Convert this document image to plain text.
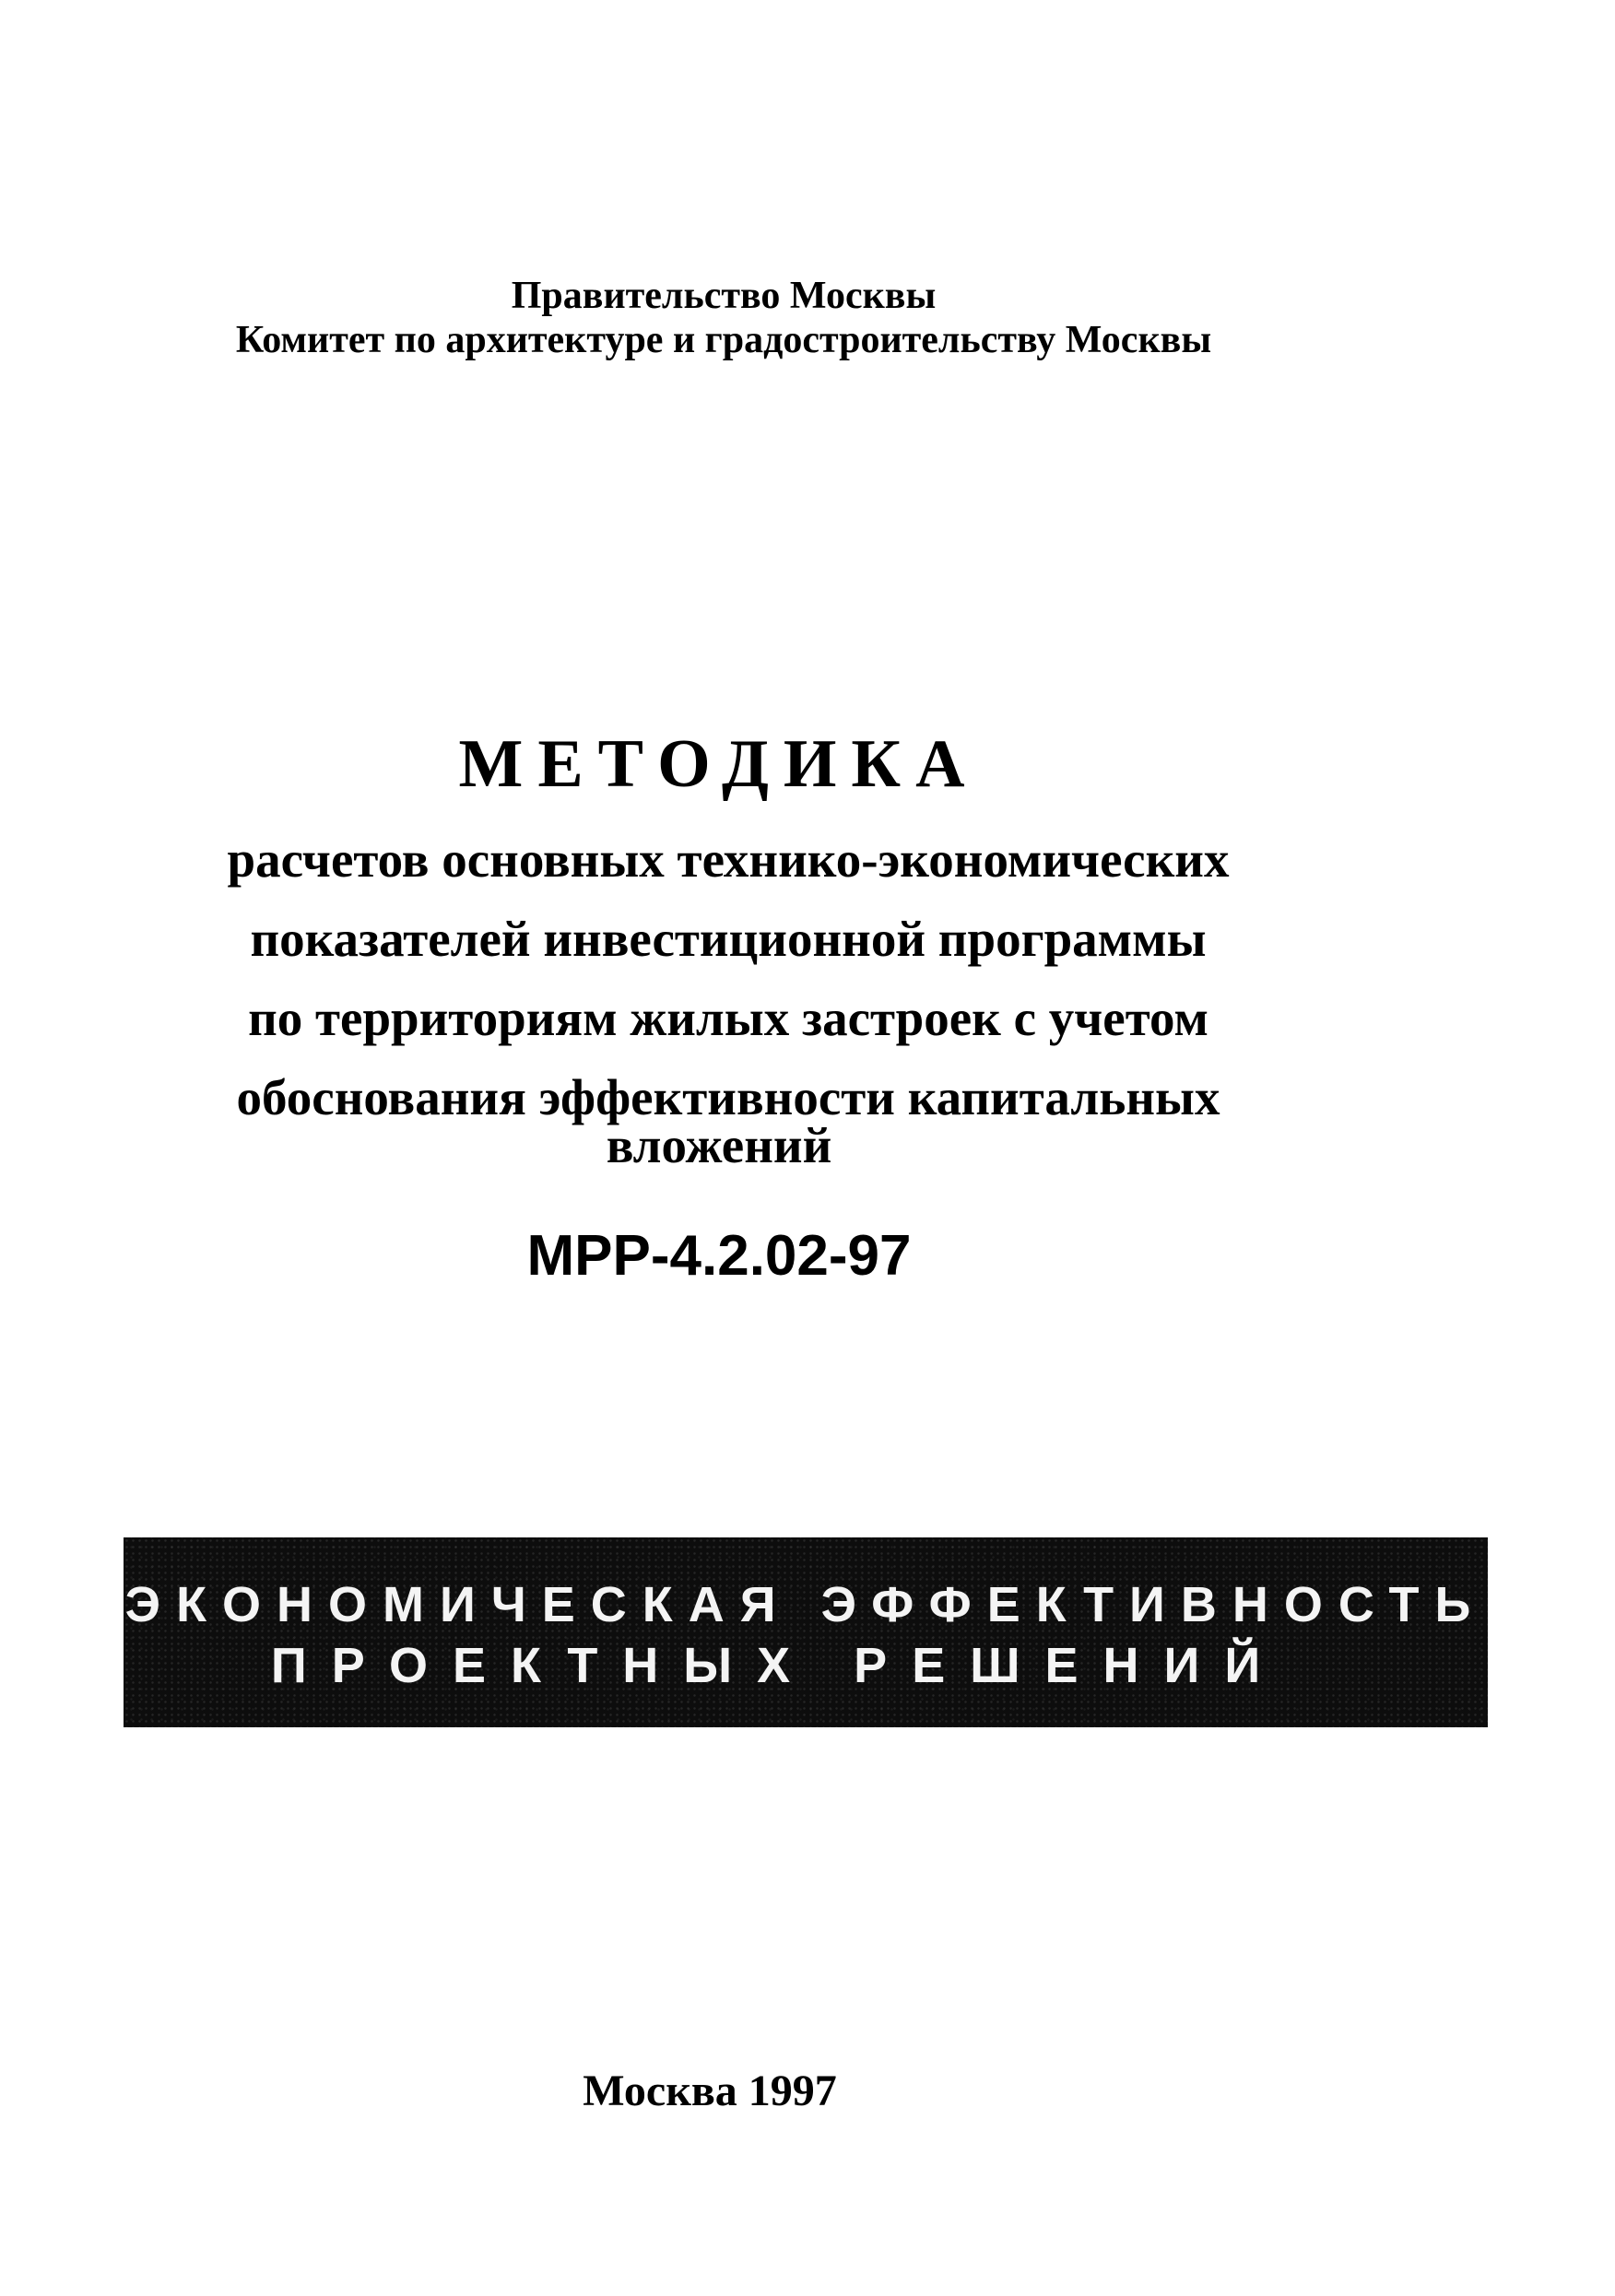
Правительство Москвы

Комитет по архитектуре и градостроительству Москвы

МЕТОДИКА

расчетов основных технико-экономических

показателей инвестиционной программы

по территориям жилых застроек с учетом

обоснования эффективности капитальных

вложений

МРР-4.2.02-97

ЭКОНОМИЧЕСКАЯ ЭФФЕКТИВНОСТЬ
ПРОЕКТНЫХ РЕШЕНИЙ

Москва 1997
